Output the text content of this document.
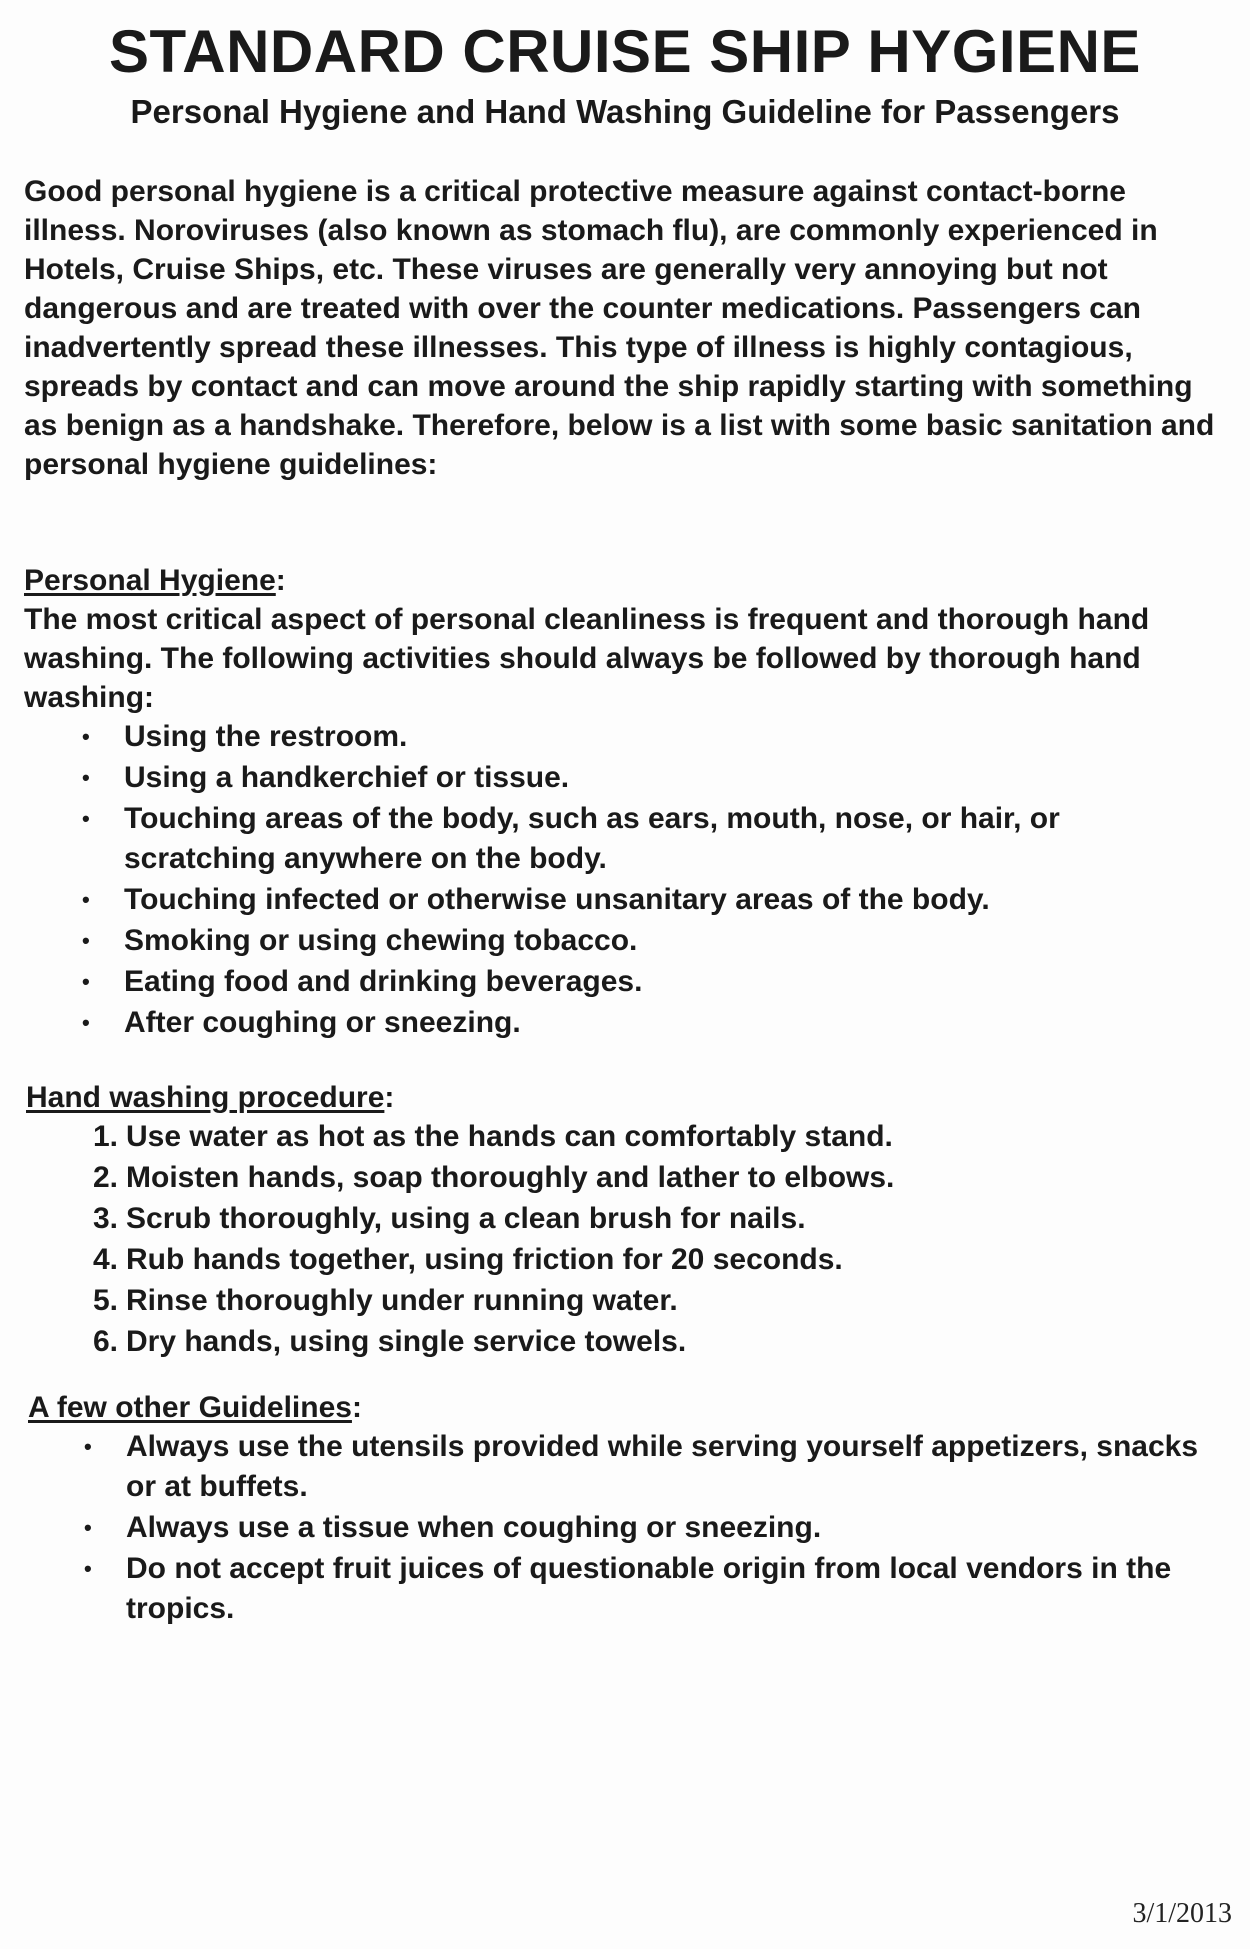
STANDARD CRUISE SHIP HYGIENE
Personal Hygiene and Hand Washing Guideline for Passengers

Good personal hygiene is a critical protective measure against contact-borne illness. Noroviruses (also known as stomach flu), are commonly experienced in Hotels, Cruise Ships, etc. These viruses are generally very annoying but not dangerous and are treated with over the counter medications. Passengers can inadvertently spread these illnesses. This type of illness is highly contagious, spreads by contact and can move around the ship rapidly starting with something as benign as a handshake. Therefore, below is a list with some basic sanitation and personal hygiene guidelines:

Personal Hygiene:

The most critical aspect of personal cleanliness is frequent and thorough hand washing. The following activities should always be followed by thorough hand washing:

• Using the restroom.
• Using a handkerchief or tissue.
• Touching areas of the body, such as ears, mouth, nose, or hair, or scratching anywhere on the body.
• Touching infected or otherwise unsanitary areas of the body.
• Smoking or using chewing tobacco.
• Eating food and drinking beverages.
• After coughing or sneezing.
Hand washing procedure:
1. Use water as hot as the hands can comfortably stand.
2. Moisten hands, soap thoroughly and lather to elbows.
3. Scrub thoroughly, using a clean brush for nails.
4. Rub hands together, using friction for 20 seconds.
5. Rinse thoroughly under running water.
6. Dry hands, using single service towels.
A few other Guidelines:
• Always use the utensils provided while serving yourself appetizers, snacks or at buffets.
• Always use a tissue when coughing or sneezing.
• Do not accept fruit juices of questionable origin from local vendors in the tropics.
3/1/2013
